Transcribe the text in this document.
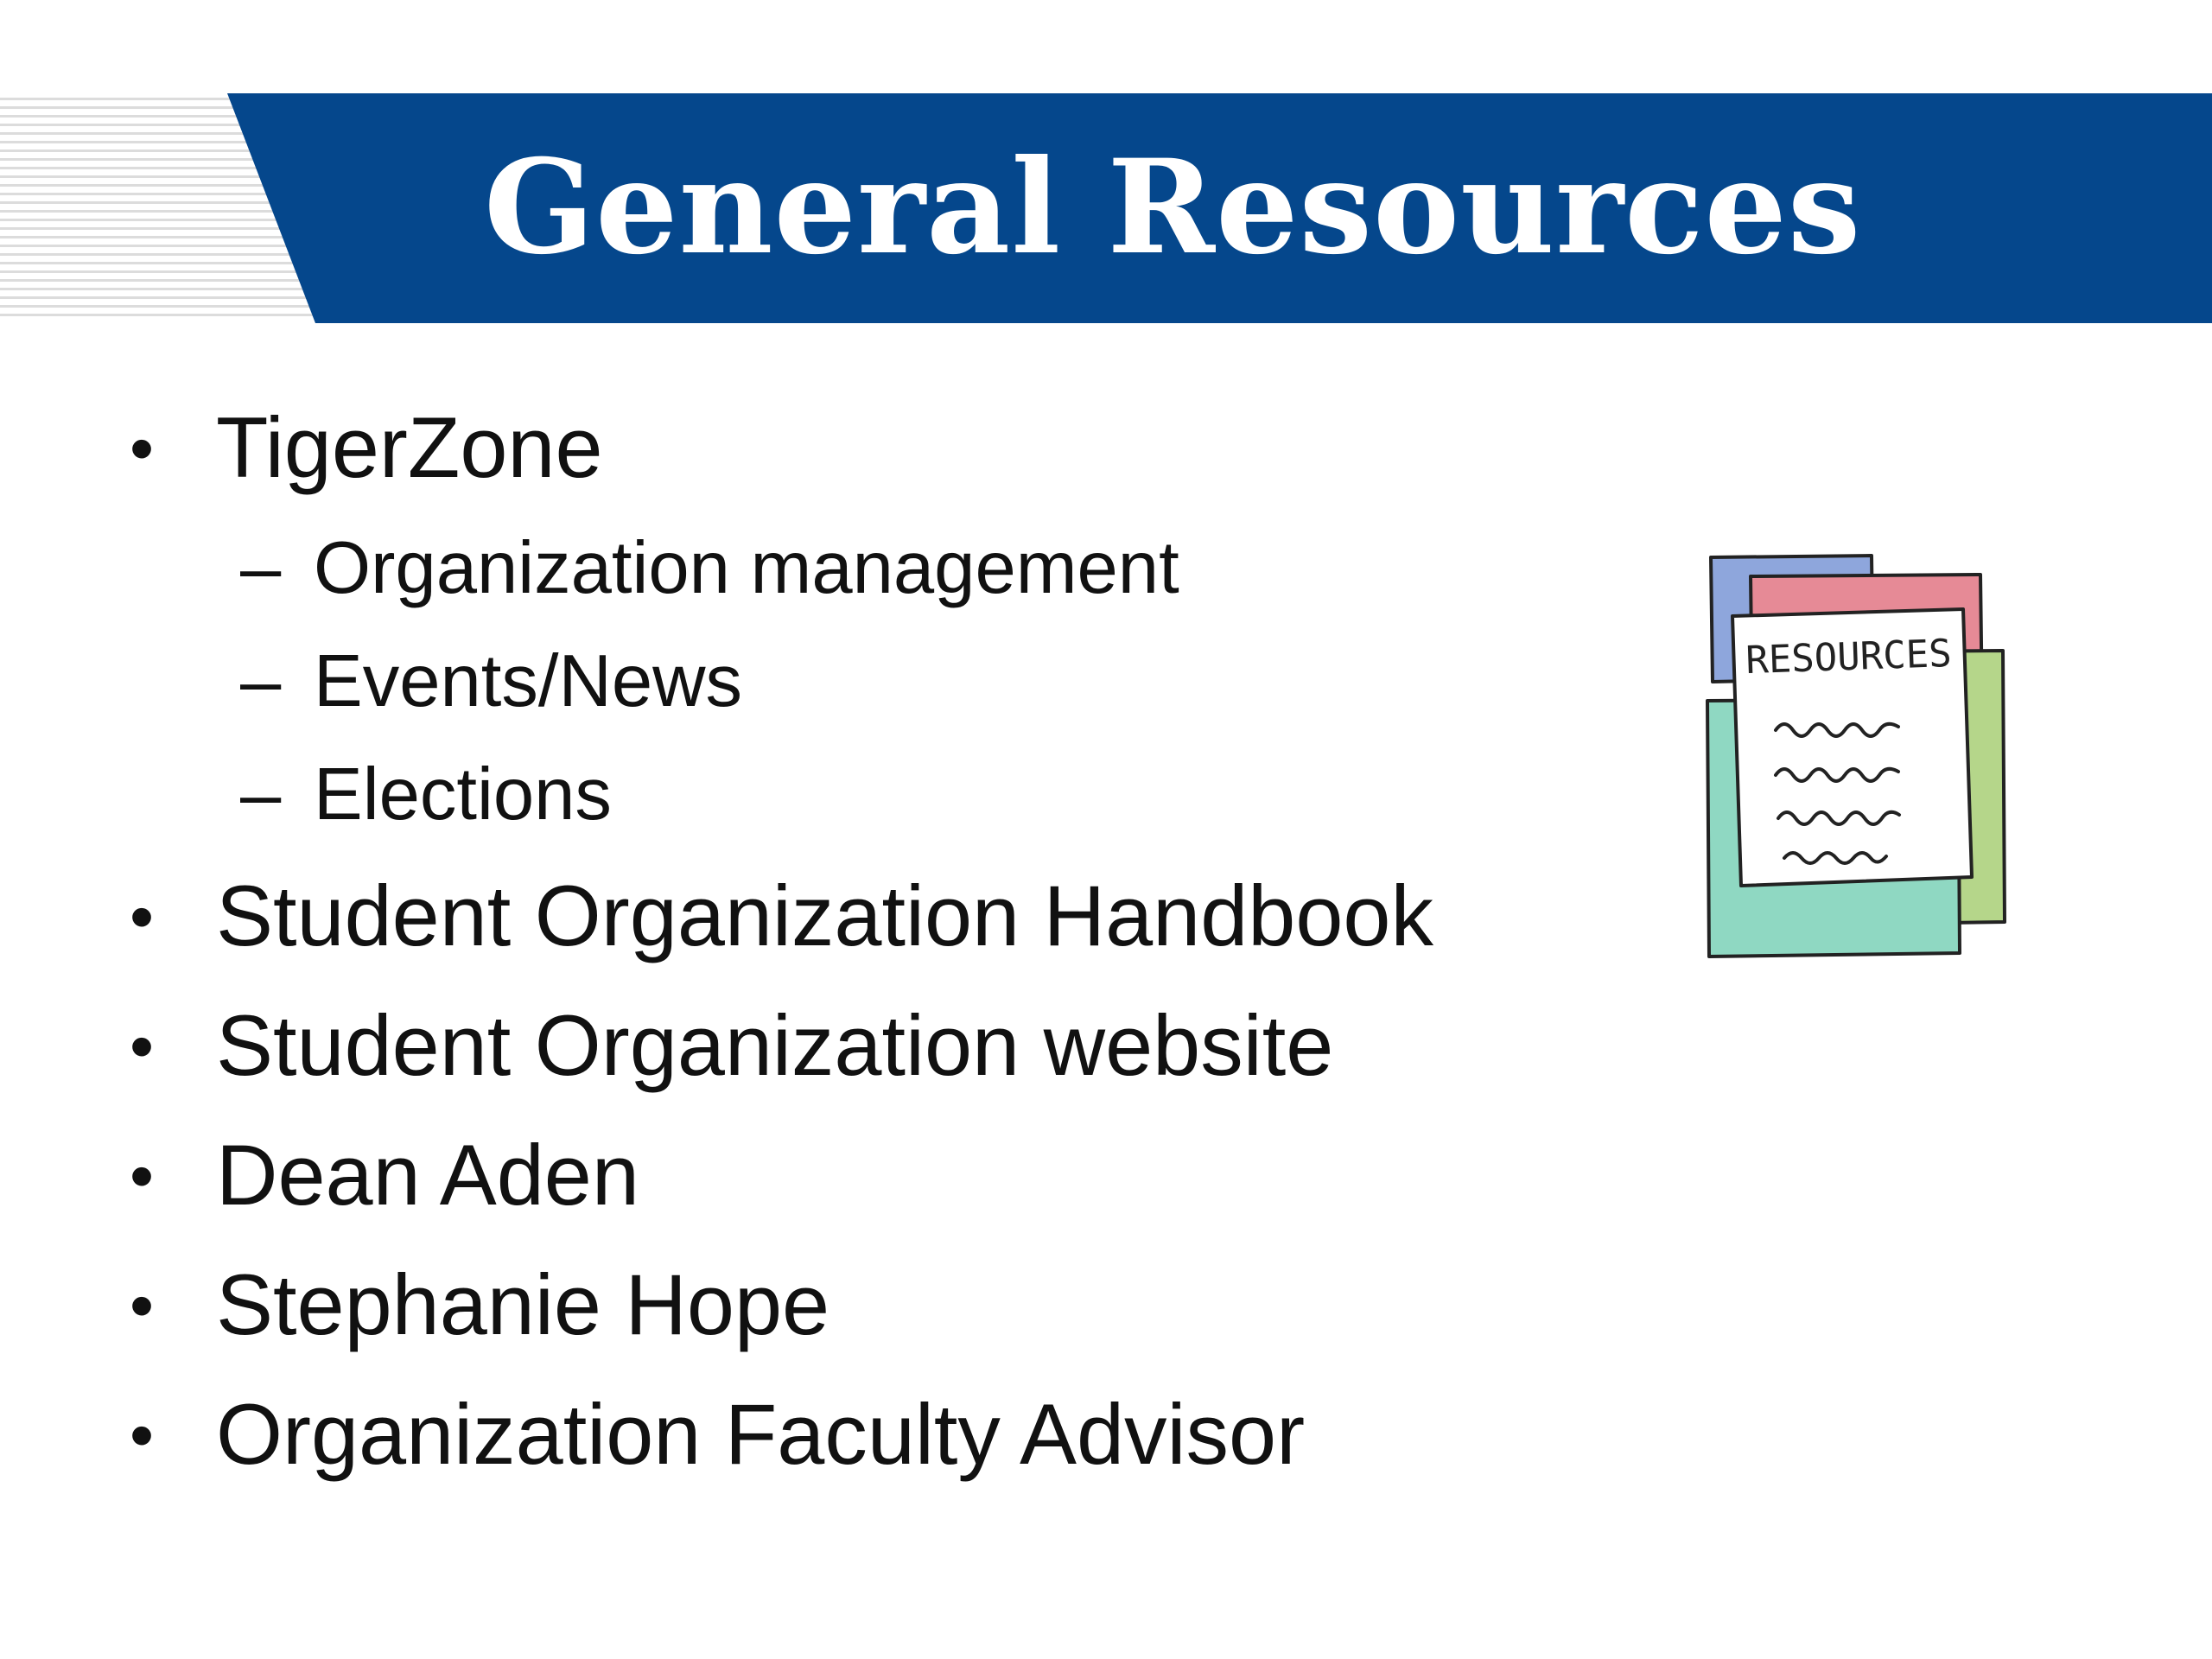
General Resources
• TigerZone
– Organization management
– Events/News
– Elections
• Student Organization Handbook
• Student Organization website
• Dean Aden
• Stephanie Hope
• Organization Faculty Advisor
RESOURCES
